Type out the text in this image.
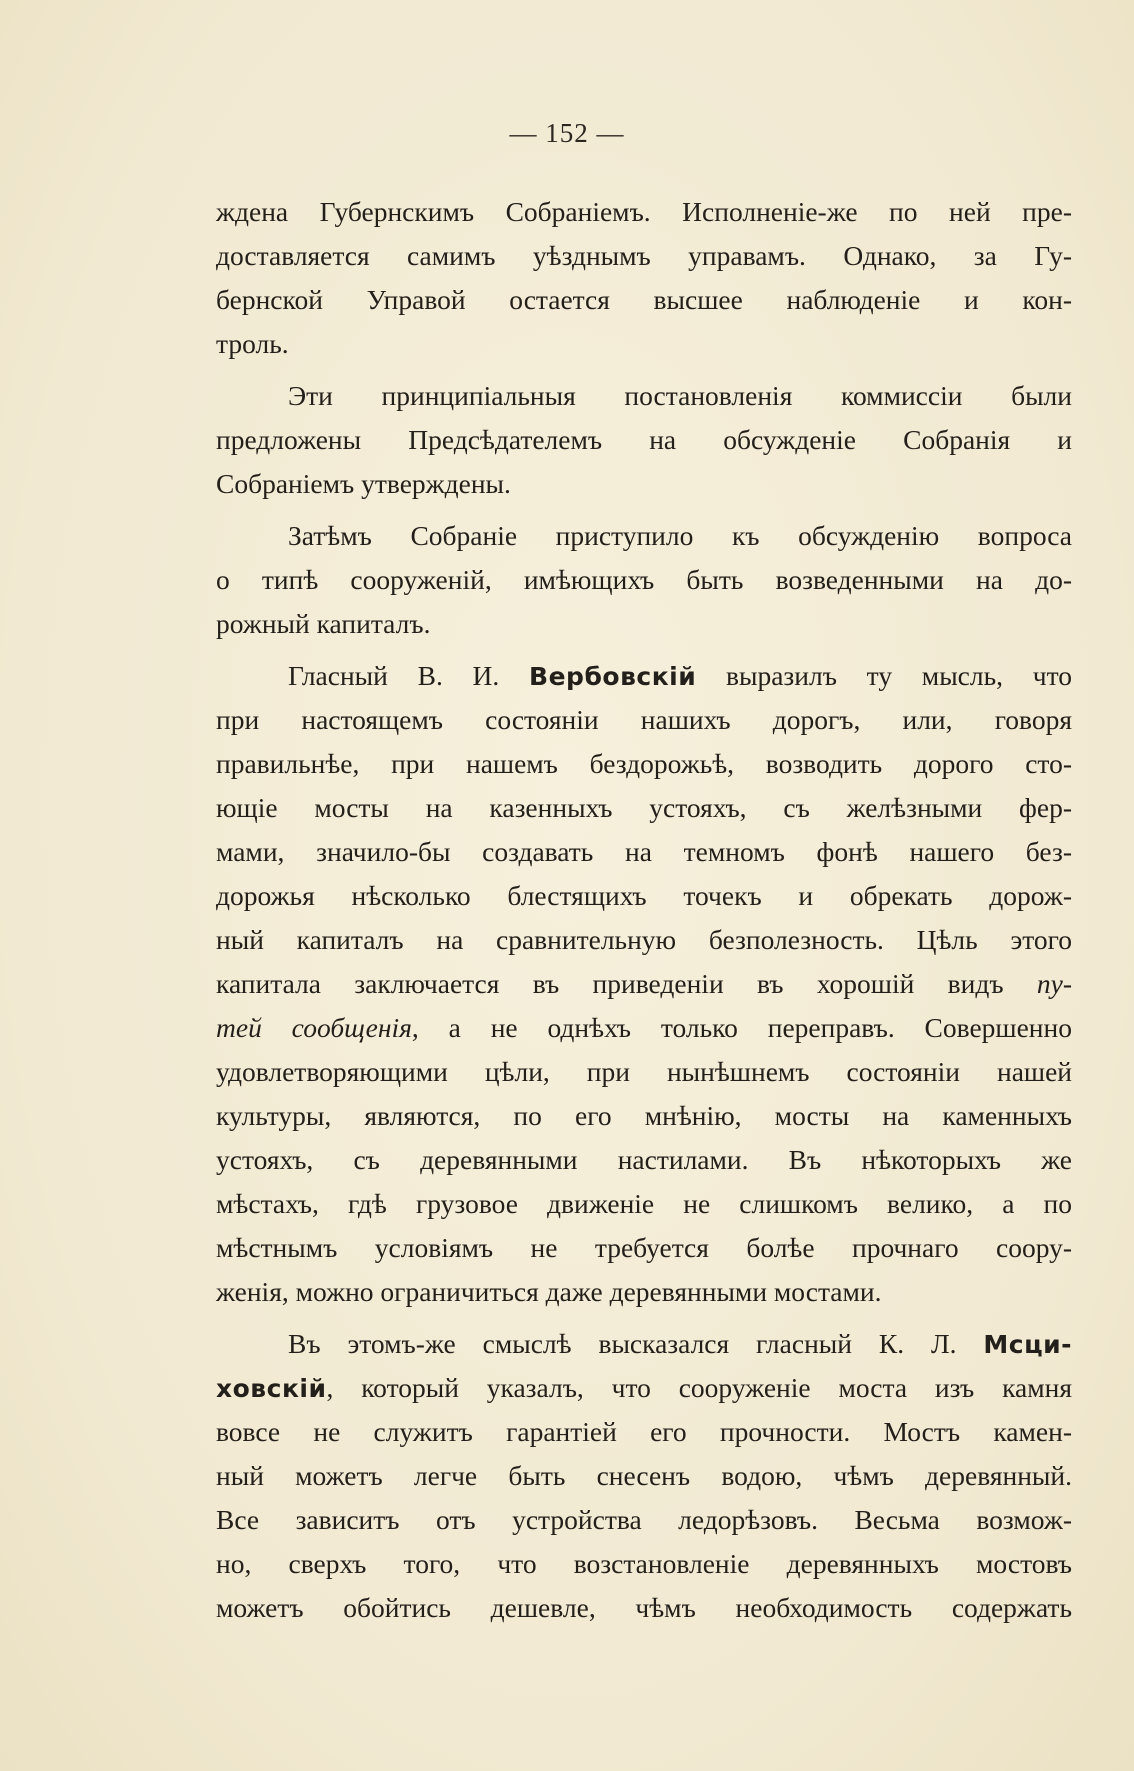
— 152 —
ждена Губернскимъ Собраніемъ. Исполненіе-же по ней пре-
доставляется самимъ уѣзднымъ управамъ. Однако, за Гу-
бернской Управой остается высшее наблюденіе и кон-
троль.
Эти принципіальныя постановленія коммиссіи были
предложены Предсѣдателемъ на обсужденіе Собранія и
Собраніемъ утверждены.
Затѣмъ Собраніе приступило къ обсужденію вопроса
о типѣ сооруженій, имѣющихъ быть возведенными на до-
рожный капиталъ.
Гласный В. И. Вербовскій выразилъ ту мысль, что
при настоящемъ состояніи нашихъ дорогъ, или, говоря
правильнѣе, при нашемъ бездорожьѣ, возводить дорого сто-
ющіе мосты на казенныхъ устояхъ, съ желѣзными фер-
мами, значило-бы создавать на темномъ фонѣ нашего без-
дорожья нѣсколько блестящихъ точекъ и обрекать дорож-
ный капиталъ на сравнительную безполезность. Цѣль этого
капитала заключается въ приведеніи въ хорошій видъ пу-
тей сообщенія, а не однѣхъ только переправъ. Совершенно
удовлетворяющими цѣли, при нынѣшнемъ состояніи нашей
культуры, являются, по его мнѣнію, мосты на каменныхъ
устояхъ, съ деревянными настилами. Въ нѣкоторыхъ же
мѣстахъ, гдѣ грузовое движеніе не слишкомъ велико, а по
мѣстнымъ условіямъ не требуется болѣе прочнаго соору-
женія, можно ограничиться даже деревянными мостами.
Въ этомъ-же смыслѣ высказался гласный К. Л. Мсци-
ховскій, который указалъ, что сооруженіе моста изъ камня
вовсе не служитъ гарантіей его прочности. Мостъ камен-
ный можетъ легче быть снесенъ водою, чѣмъ деревянный.
Все зависитъ отъ устройства ледорѣзовъ. Весьма возмож-
но, сверхъ того, что возстановленіе деревянныхъ мостовъ
можетъ обойтись дешевле, чѣмъ необходимость содержать
